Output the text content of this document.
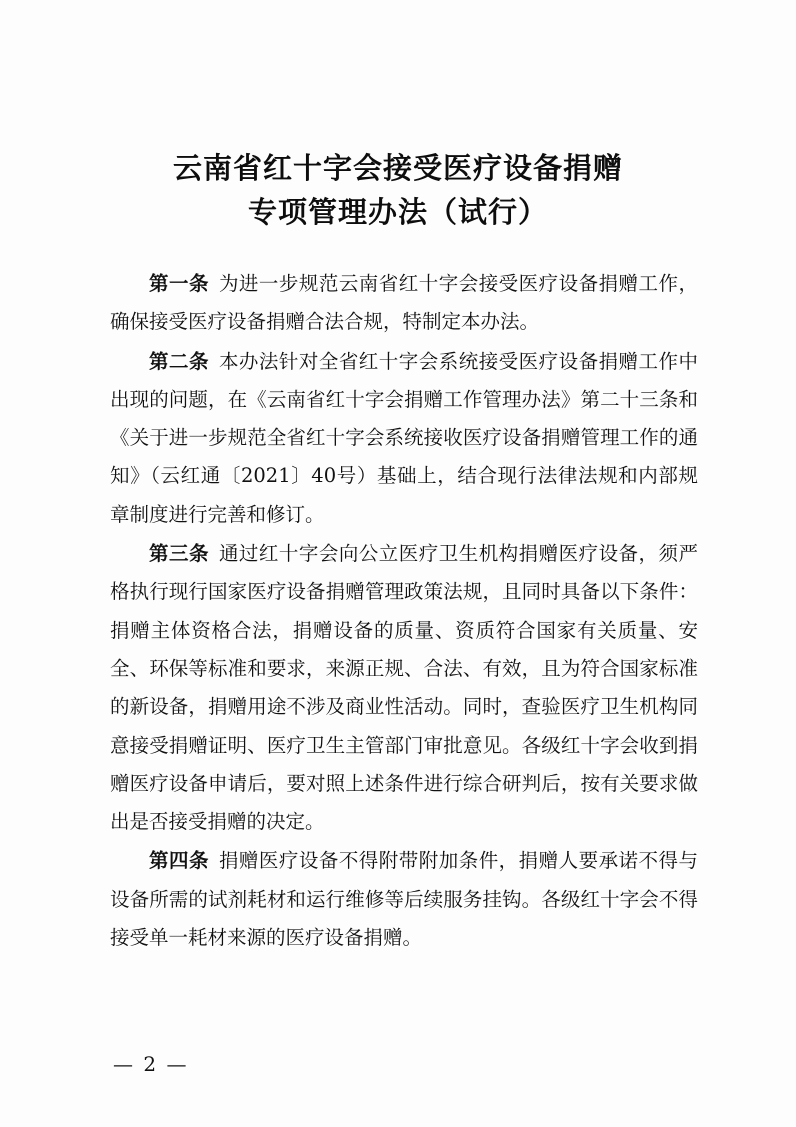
云南省红十字会接受医疗设备捐赠
专项管理办法（试行）

第一条 为进一步规范云南省红十字会接受医疗设备捐赠工作，确保接受医疗设备捐赠合法合规，特制定本办法。

第二条 本办法针对全省红十字会系统接受医疗设备捐赠工作中出现的问题，在《云南省红十字会捐赠工作管理办法》第二十三条和《关于进一步规范全省红十字会系统接收医疗设备捐赠管理工作的通知》（云红通〔2021〕40号）基础上，结合现行法律法规和内部规章制度进行完善和修订。

第三条 通过红十字会向公立医疗卫生机构捐赠医疗设备，须严格执行现行国家医疗设备捐赠管理政策法规，且同时具备以下条件：捐赠主体资格合法，捐赠设备的质量、资质符合国家有关质量、安全、环保等标准和要求，来源正规、合法、有效，且为符合国家标准的新设备，捐赠用途不涉及商业性活动。同时，查验医疗卫生机构同意接受捐赠证明、医疗卫生主管部门审批意见。各级红十字会收到捐赠医疗设备申请后，要对照上述条件进行综合研判后，按有关要求做出是否接受捐赠的决定。

第四条 捐赠医疗设备不得附带附加条件，捐赠人要承诺不得与设备所需的试剂耗材和运行维修等后续服务挂钩。各级红十字会不得接受单一耗材来源的医疗设备捐赠。

— 2 —
